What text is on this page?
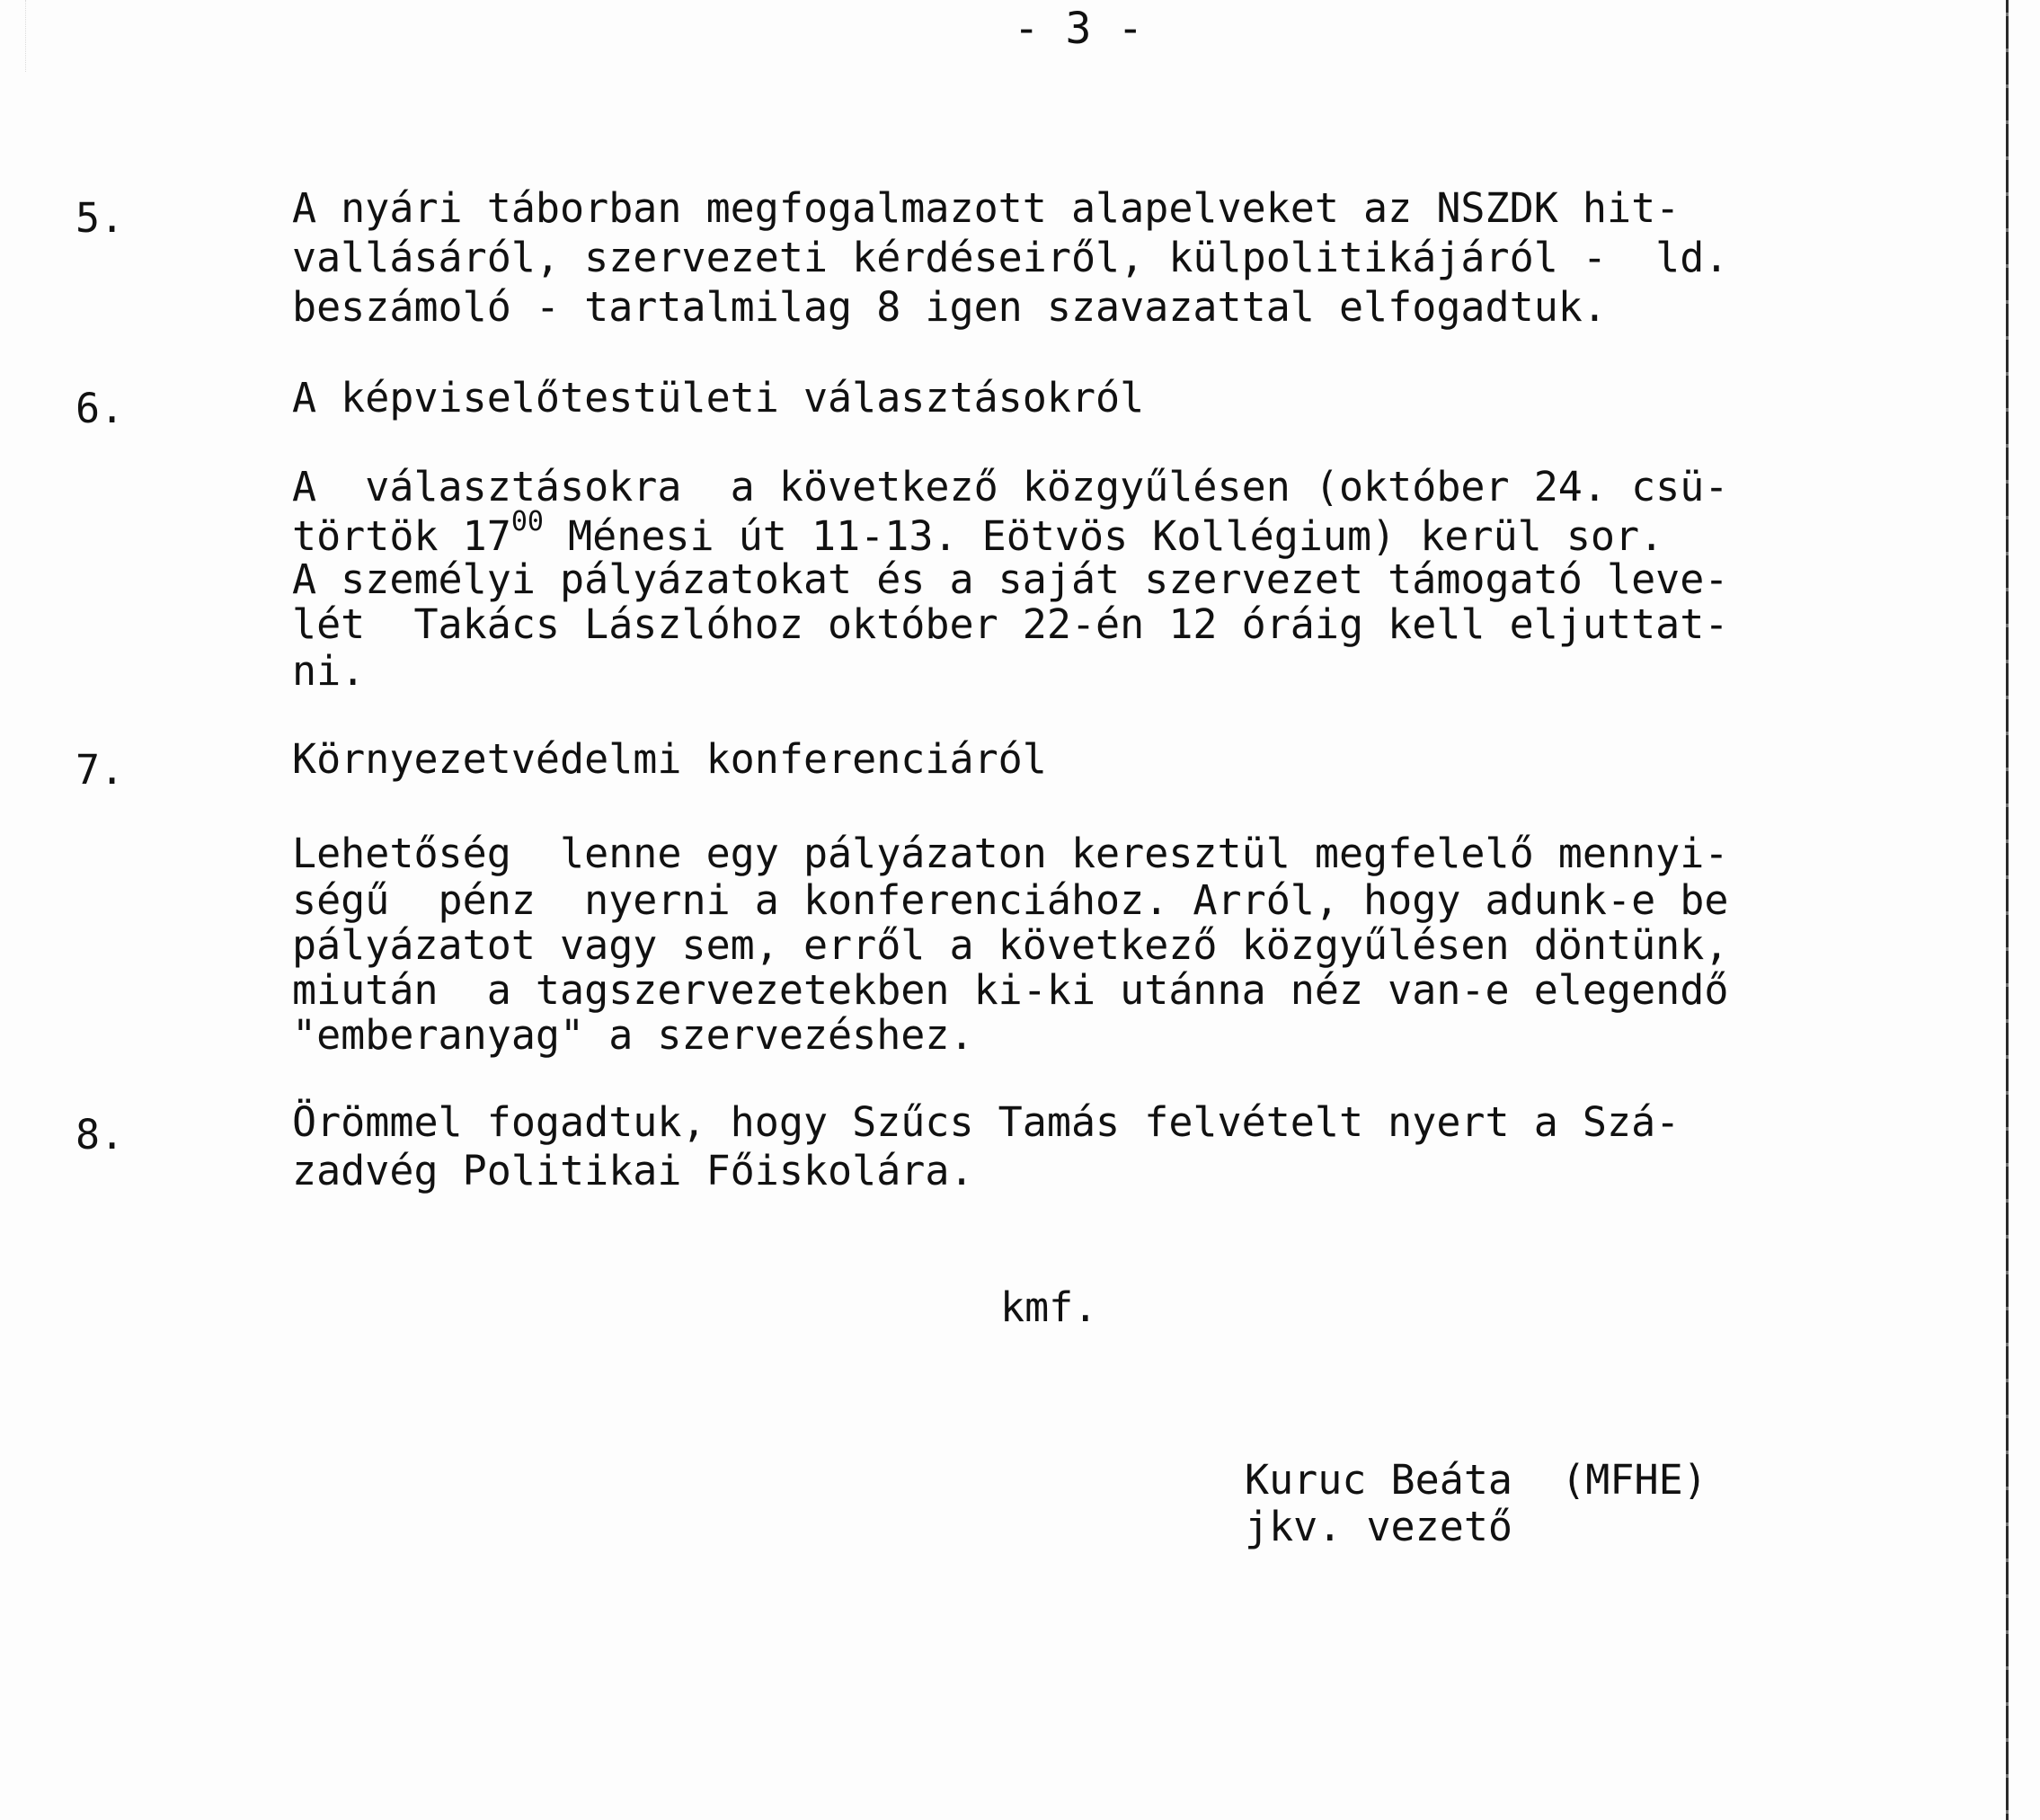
- 3 -
5.	A nyári táborban megfogalmazott alapelveket az NSZDK hit-
vallásáról, szervezeti kérdéseiről, külpolitikájáról -  ld.
beszámoló - tartalmilag 8 igen szavazattal elfogadtuk.
6.	A képviselőtestületi választásokról
A  választásokra  a következő közgyűlésen (október 24. csü-
törtök $17^{00}$ Ménesi út 11-13. Eötvös Kollégium) kerül sor.
A személyi pályázatokat és a saját szervezet támogató leve-
lét  Takács Lászlóhoz október 22-én 12 óráig kell eljuttat-
ni.
7.	Környezetvédelmi konferenciáról
Lehetőség  lenne egy pályázaton keresztül megfelelő mennyi-
ségű  pénz  nyerni a konferenciához. Arról, hogy adunk-e be
pályázatot vagy sem, erről a következő közgyűlésen döntünk,
miután  a tagszervezetekben ki-ki utánna néz van-e elegendő
"emberanyag" a szervezéshez.
8.	Örömmel fogadtuk, hogy Szűcs Tamás felvételt nyert a Szá-
zadvég Politikai Főiskolára.
kmf.
Kuruc Beáta  (MFHE)
jkv. vezető
